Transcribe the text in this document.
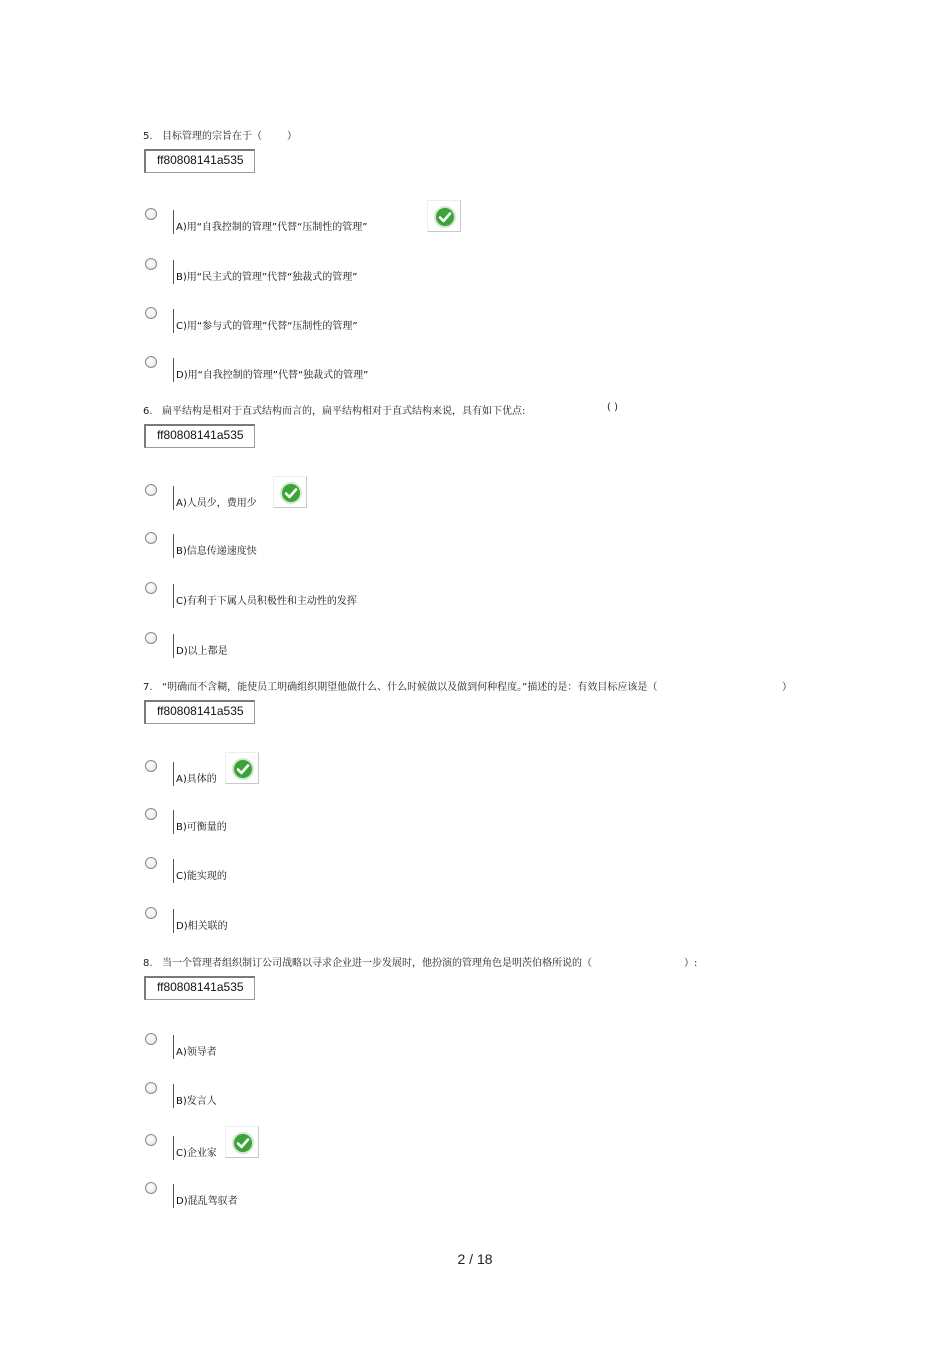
5. 目标管理的宗旨在于（	）
ff80808141a535
A)用“自我控制的管理”代替“压制性的管理”
B)用“民主式的管理”代替“独裁式的管理”
C)用“参与式的管理”代替“压制性的管理”
D)用“自我控制的管理”代替“独裁式的管理”
6. 扁平结构是相对于直式结构而言的，扁平结构相对于直式结构来说，具有如下优点:	( )
ff80808141a535
A)人员少，费用少
B)信息传递速度快
C)有利于下属人员积极性和主动性的发挥
D)以上都是
7. “明确而不含糊，能使员工明确组织期望他做什么、什么时候做以及做到何种程度。”描述的是：有效目标应该是（	）
ff80808141a535
A)具体的
B)可衡量的
C)能实现的
D)相关联的
8. 当一个管理者组织制订公司战略以寻求企业进一步发展时，他扮演的管理角色是明茨伯格所说的（	）:
ff80808141a535
A)领导者
B)发言人
C)企业家
D)混乱驾驭者
2 / 18
